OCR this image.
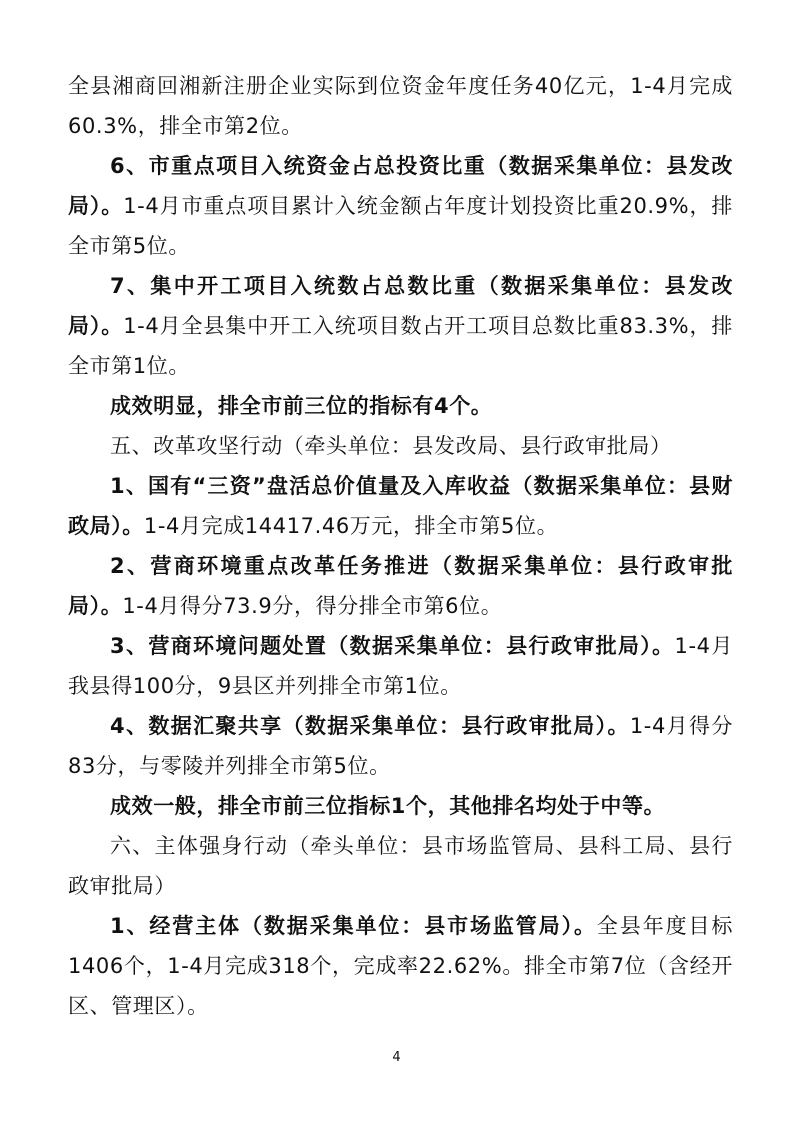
全县湘商回湘新注册企业实际到位资金年度任务40亿元，1-4月完成60.3%，排全市第2位。

6、市重点项目入统资金占总投资比重（数据采集单位：县发改局）。1-4月市重点项目累计入统金额占年度计划投资比重20.9%，排全市第5位。

7、集中开工项目入统数占总数比重（数据采集单位：县发改局）。1-4月全县集中开工入统项目数占开工项目总数比重83.3%，排全市第1位。

成效明显，排全市前三位的指标有4个。

五、改革攻坚行动（牵头单位：县发改局、县行政审批局）

1、国有“三资”盘活总价值量及入库收益（数据采集单位：县财政局）。1-4月完成14417.46万元，排全市第5位。

2、营商环境重点改革任务推进（数据采集单位：县行政审批局）。1-4月得分73.9分，得分排全市第6位。

3、营商环境问题处置（数据采集单位：县行政审批局）。1-4月我县得100分，9县区并列排全市第1位。

4、数据汇聚共享（数据采集单位：县行政审批局）。1-4月得分83分，与零陵并列排全市第5位。

成效一般，排全市前三位指标1个，其他排名均处于中等。

六、主体强身行动（牵头单位：县市场监管局、县科工局、县行政审批局）

1、经营主体（数据采集单位：县市场监管局）。全县年度目标1406个，1-4月完成318个，完成率22.62%。排全市第7位（含经开区、管理区）。

4
